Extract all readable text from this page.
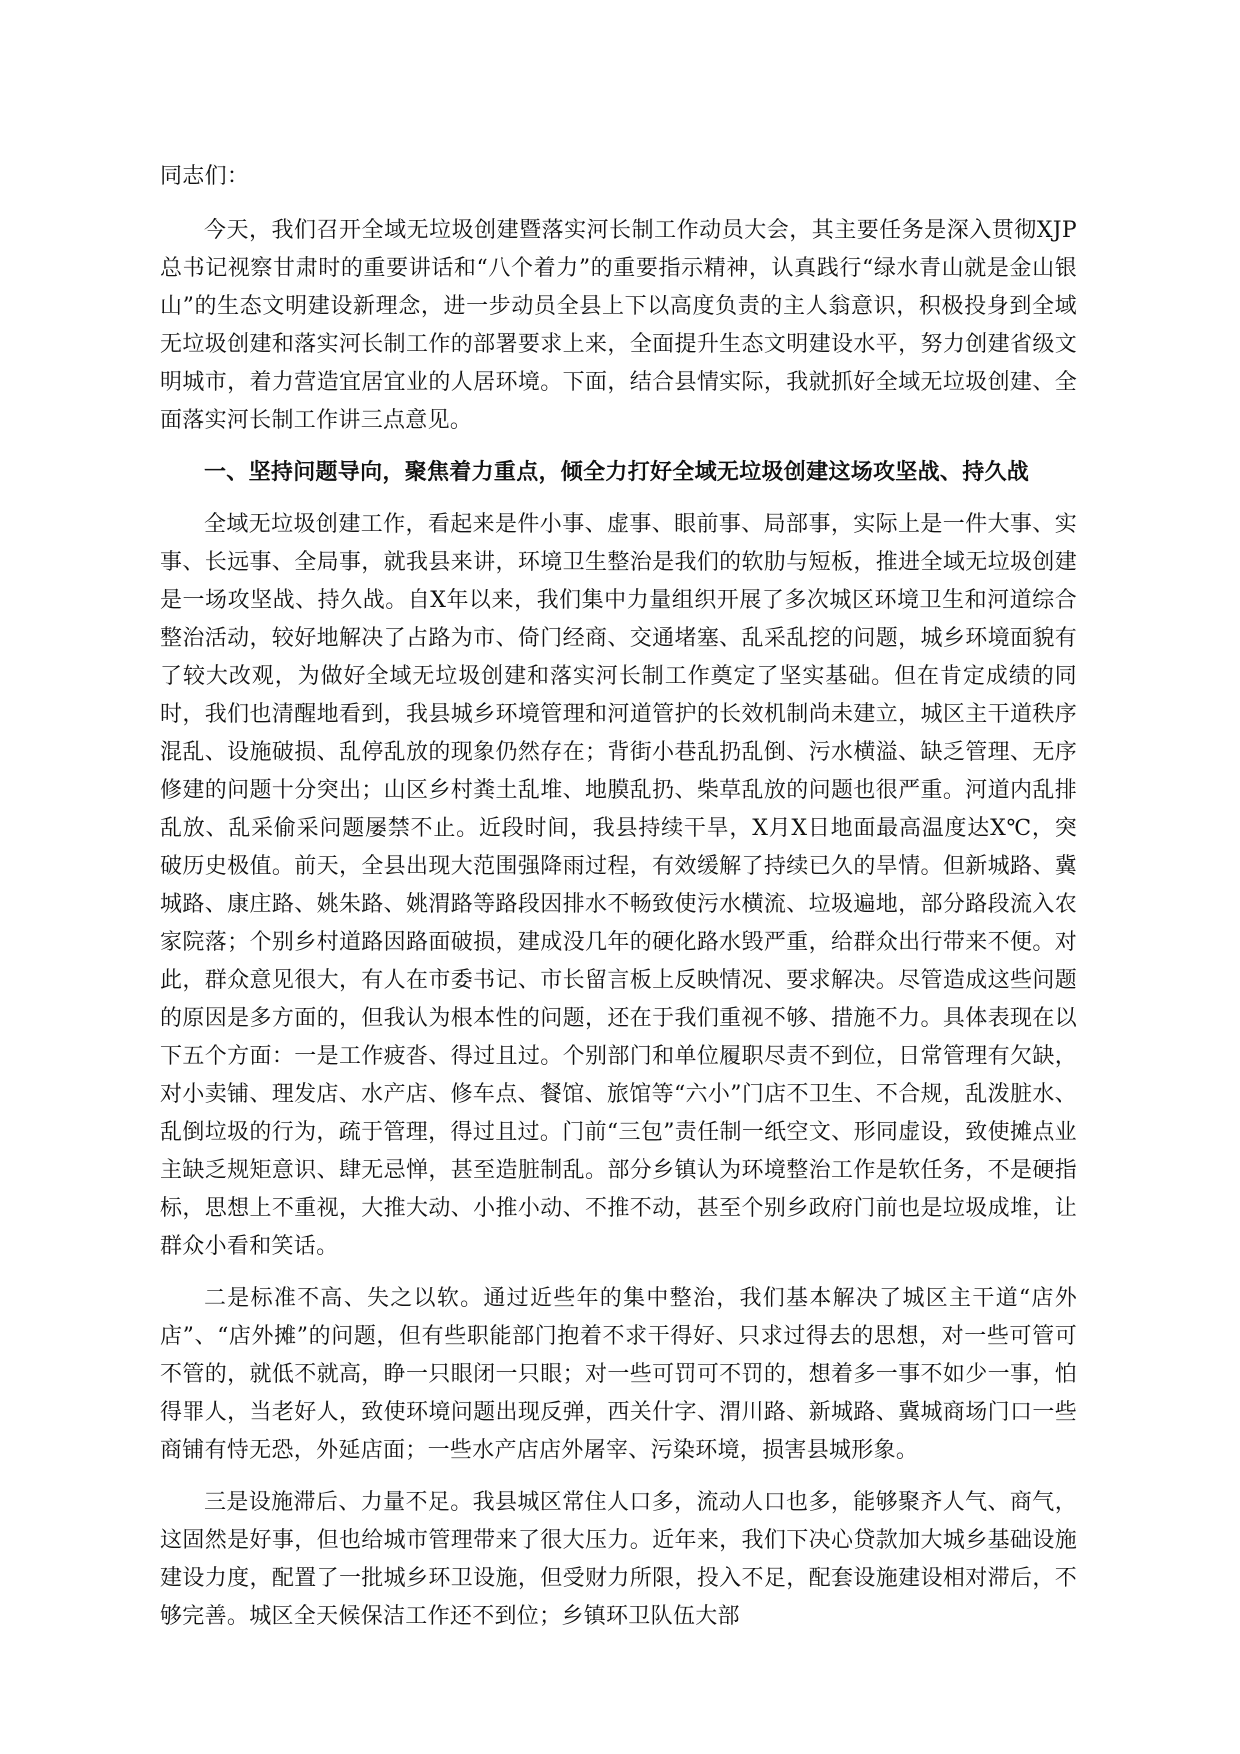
同志们：

今天，我们召开全域无垃圾创建暨落实河长制工作动员大会，其主要任务是深入贯彻XJP总书记视察甘肃时的重要讲话和“八个着力”的重要指示精神，认真践行“绿水青山就是金山银山”的生态文明建设新理念，进一步动员全县上下以高度负责的主人翁意识，积极投身到全域无垃圾创建和落实河长制工作的部署要求上来，全面提升生态文明建设水平，努力创建省级文明城市，着力营造宜居宜业的人居环境。下面，结合县情实际，我就抓好全域无垃圾创建、全面落实河长制工作讲三点意见。

一、坚持问题导向，聚焦着力重点，倾全力打好全域无垃圾创建这场攻坚战、持久战

全域无垃圾创建工作，看起来是件小事、虚事、眼前事、局部事，实际上是一件大事、实事、长远事、全局事，就我县来讲，环境卫生整治是我们的软肋与短板，推进全域无垃圾创建是一场攻坚战、持久战。自X年以来，我们集中力量组织开展了多次城区环境卫生和河道综合整治活动，较好地解决了占路为市、倚门经商、交通堵塞、乱采乱挖的问题，城乡环境面貌有了较大改观，为做好全域无垃圾创建和落实河长制工作奠定了坚实基础。但在肯定成绩的同时，我们也清醒地看到，我县城乡环境管理和河道管护的长效机制尚未建立，城区主干道秩序混乱、设施破损、乱停乱放的现象仍然存在；背街小巷乱扔乱倒、污水横溢、缺乏管理、无序修建的问题十分突出；山区乡村粪土乱堆、地膜乱扔、柴草乱放的问题也很严重。河道内乱排乱放、乱采偷采问题屡禁不止。近段时间，我县持续干旱，X月X日地面最高温度达X℃，突破历史极值。前天，全县出现大范围强降雨过程，有效缓解了持续已久的旱情。但新城路、冀城路、康庄路、姚朱路、姚渭路等路段因排水不畅致使污水横流、垃圾遍地，部分路段流入农家院落；个别乡村道路因路面破损，建成没几年的硬化路水毁严重，给群众出行带来不便。对此，群众意见很大，有人在市委书记、市长留言板上反映情况、要求解决。尽管造成这些问题的原因是多方面的，但我认为根本性的问题，还在于我们重视不够、措施不力。具体表现在以下五个方面：一是工作疲沓、得过且过。个别部门和单位履职尽责不到位，日常管理有欠缺，对小卖铺、理发店、水产店、修车点、餐馆、旅馆等“六小”门店不卫生、不合规，乱泼脏水、乱倒垃圾的行为，疏于管理，得过且过。门前“三包”责任制一纸空文、形同虚设，致使摊点业主缺乏规矩意识、肆无忌惮，甚至造脏制乱。部分乡镇认为环境整治工作是软任务，不是硬指标，思想上不重视，大推大动、小推小动、不推不动，甚至个别乡政府门前也是垃圾成堆，让群众小看和笑话。

二是标准不高、失之以软。通过近些年的集中整治，我们基本解决了城区主干道“店外店”、“店外摊”的问题，但有些职能部门抱着不求干得好、只求过得去的思想，对一些可管可不管的，就低不就高，睁一只眼闭一只眼；对一些可罚可不罚的，想着多一事不如少一事，怕得罪人，当老好人，致使环境问题出现反弹，西关什字、渭川路、新城路、冀城商场门口一些商铺有恃无恐，外延店面；一些水产店店外屠宰、污染环境，损害县城形象。

三是设施滞后、力量不足。我县城区常住人口多，流动人口也多，能够聚齐人气、商气，这固然是好事，但也给城市管理带来了很大压力。近年来，我们下决心贷款加大城乡基础设施建设力度，配置了一批城乡环卫设施，但受财力所限，投入不足，配套设施建设相对滞后，不够完善。城区全天候保洁工作还不到位；乡镇环卫队伍大部
